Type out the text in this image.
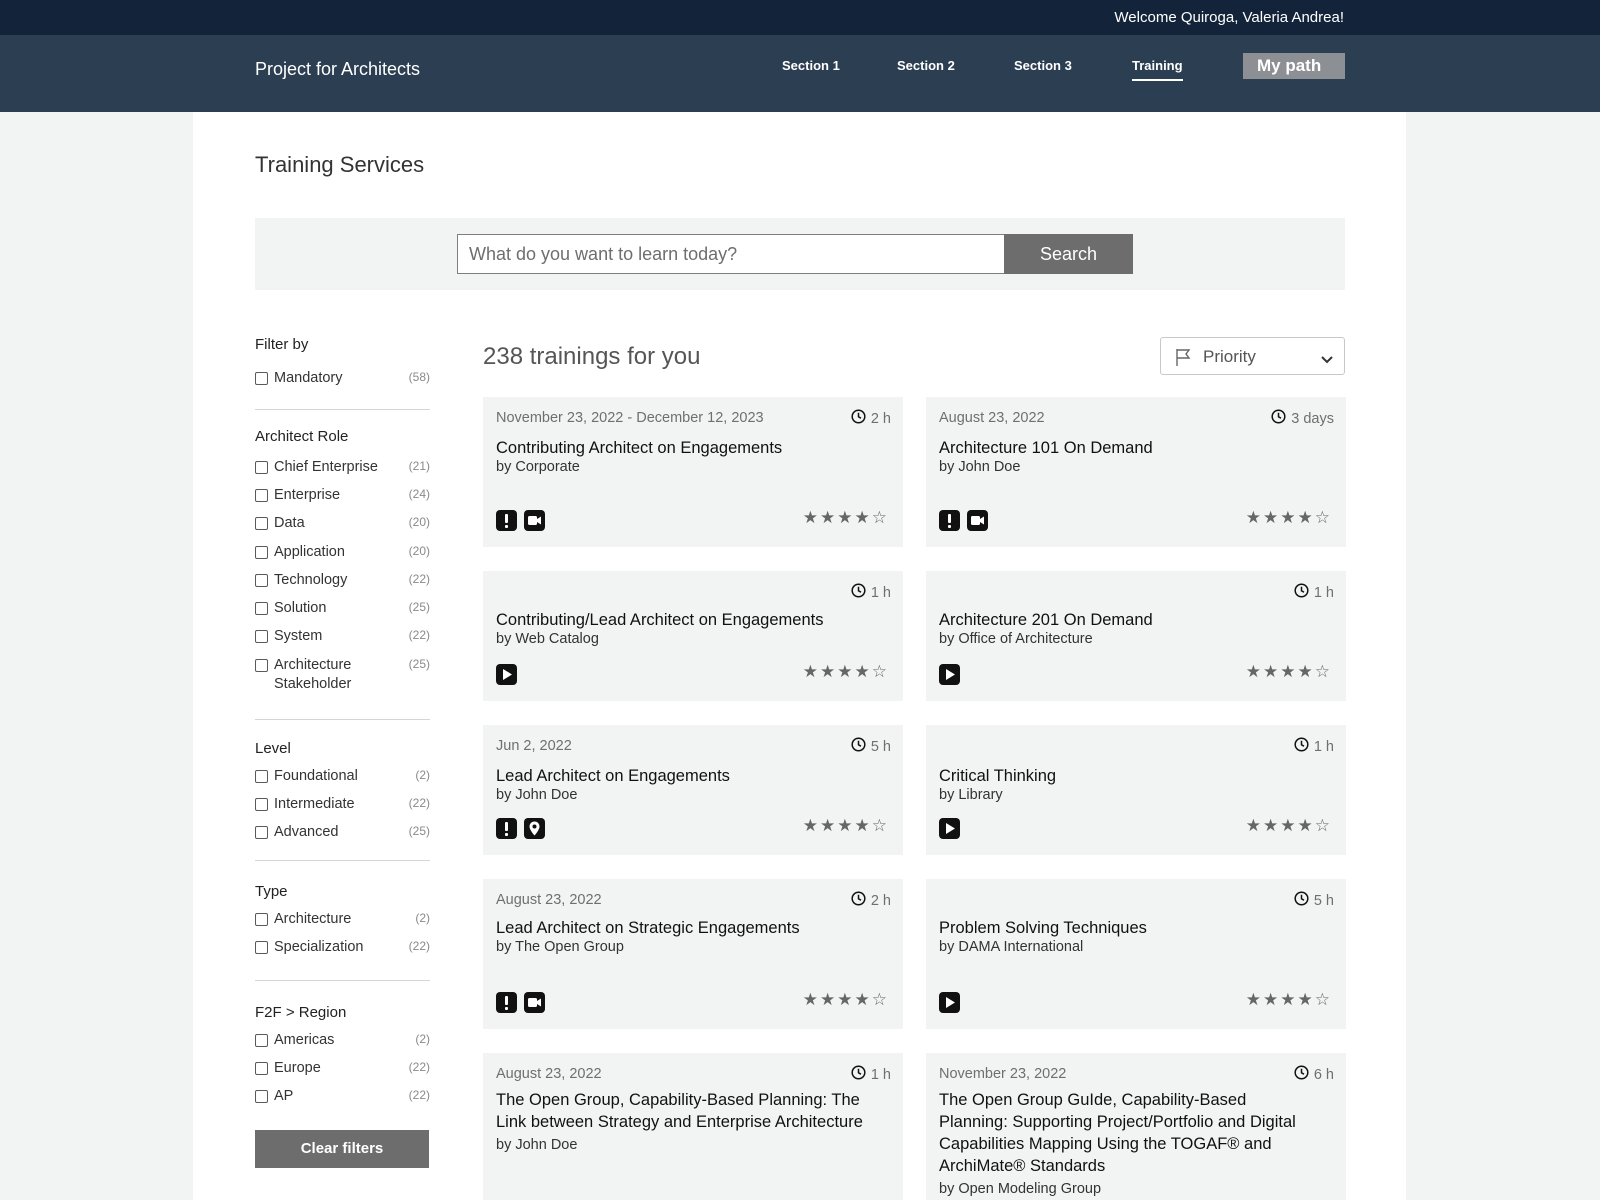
Welcome Quiroga, Valeria Andrea!
Project for Architects	Section 1	Section 2	Section 3	Training	My path
Training Services
What do you want to learn today?
Search
Filter by
Mandatory	(58)
Architect Role
Chief Enterprise	(21)
Enterprise	(24)
Data	(20)
Application	(20)
Technology	(22)
Solution	(25)
System	(22)
Architecture Stakeholder
(25)
Level
Foundational	(2)
Intermediate	(22)
Advanced	(25)
Type
Architecture	(2)
Specialization	(22)
F2F > Region
Americas	(2)
Europe	(22)
AP	(22)
Clear filters
238 trainings for you	Priority
November 23, 2022 - December 12, 2023	2 h
Contributing Architect on Engagements
by Corporate
★★★★☆
August 23, 2022	3 days
Architecture 101 On Demand
by John Doe
★★★★☆
1 h
Contributing/Lead Architect on Engagements
by Web Catalog
★★★★☆
1 h
Architecture 201 On Demand
by Office of Architecture
★★★★☆
Jun 2, 2022	5 h
Lead Architect on Engagements
by John Doe
★★★★☆
1 h
Critical Thinking
by Library
★★★★☆
August 23, 2022	2 h
Lead Architect on Strategic Engagements
by The Open Group
★★★★☆
5 h
Problem Solving Techniques
by DAMA International
★★★★☆
August 23, 2022	1 h
The Open Group, Capability-Based Planning: The Link between Strategy and Enterprise Architecture
by John Doe
November 23, 2022	6 h
The Open Group GuIde, Capability-Based Planning: Supporting Project/Portfolio and Digital Capabilities Mapping Using the TOGAF® and ArchiMate® Standards
by Open Modeling Group
